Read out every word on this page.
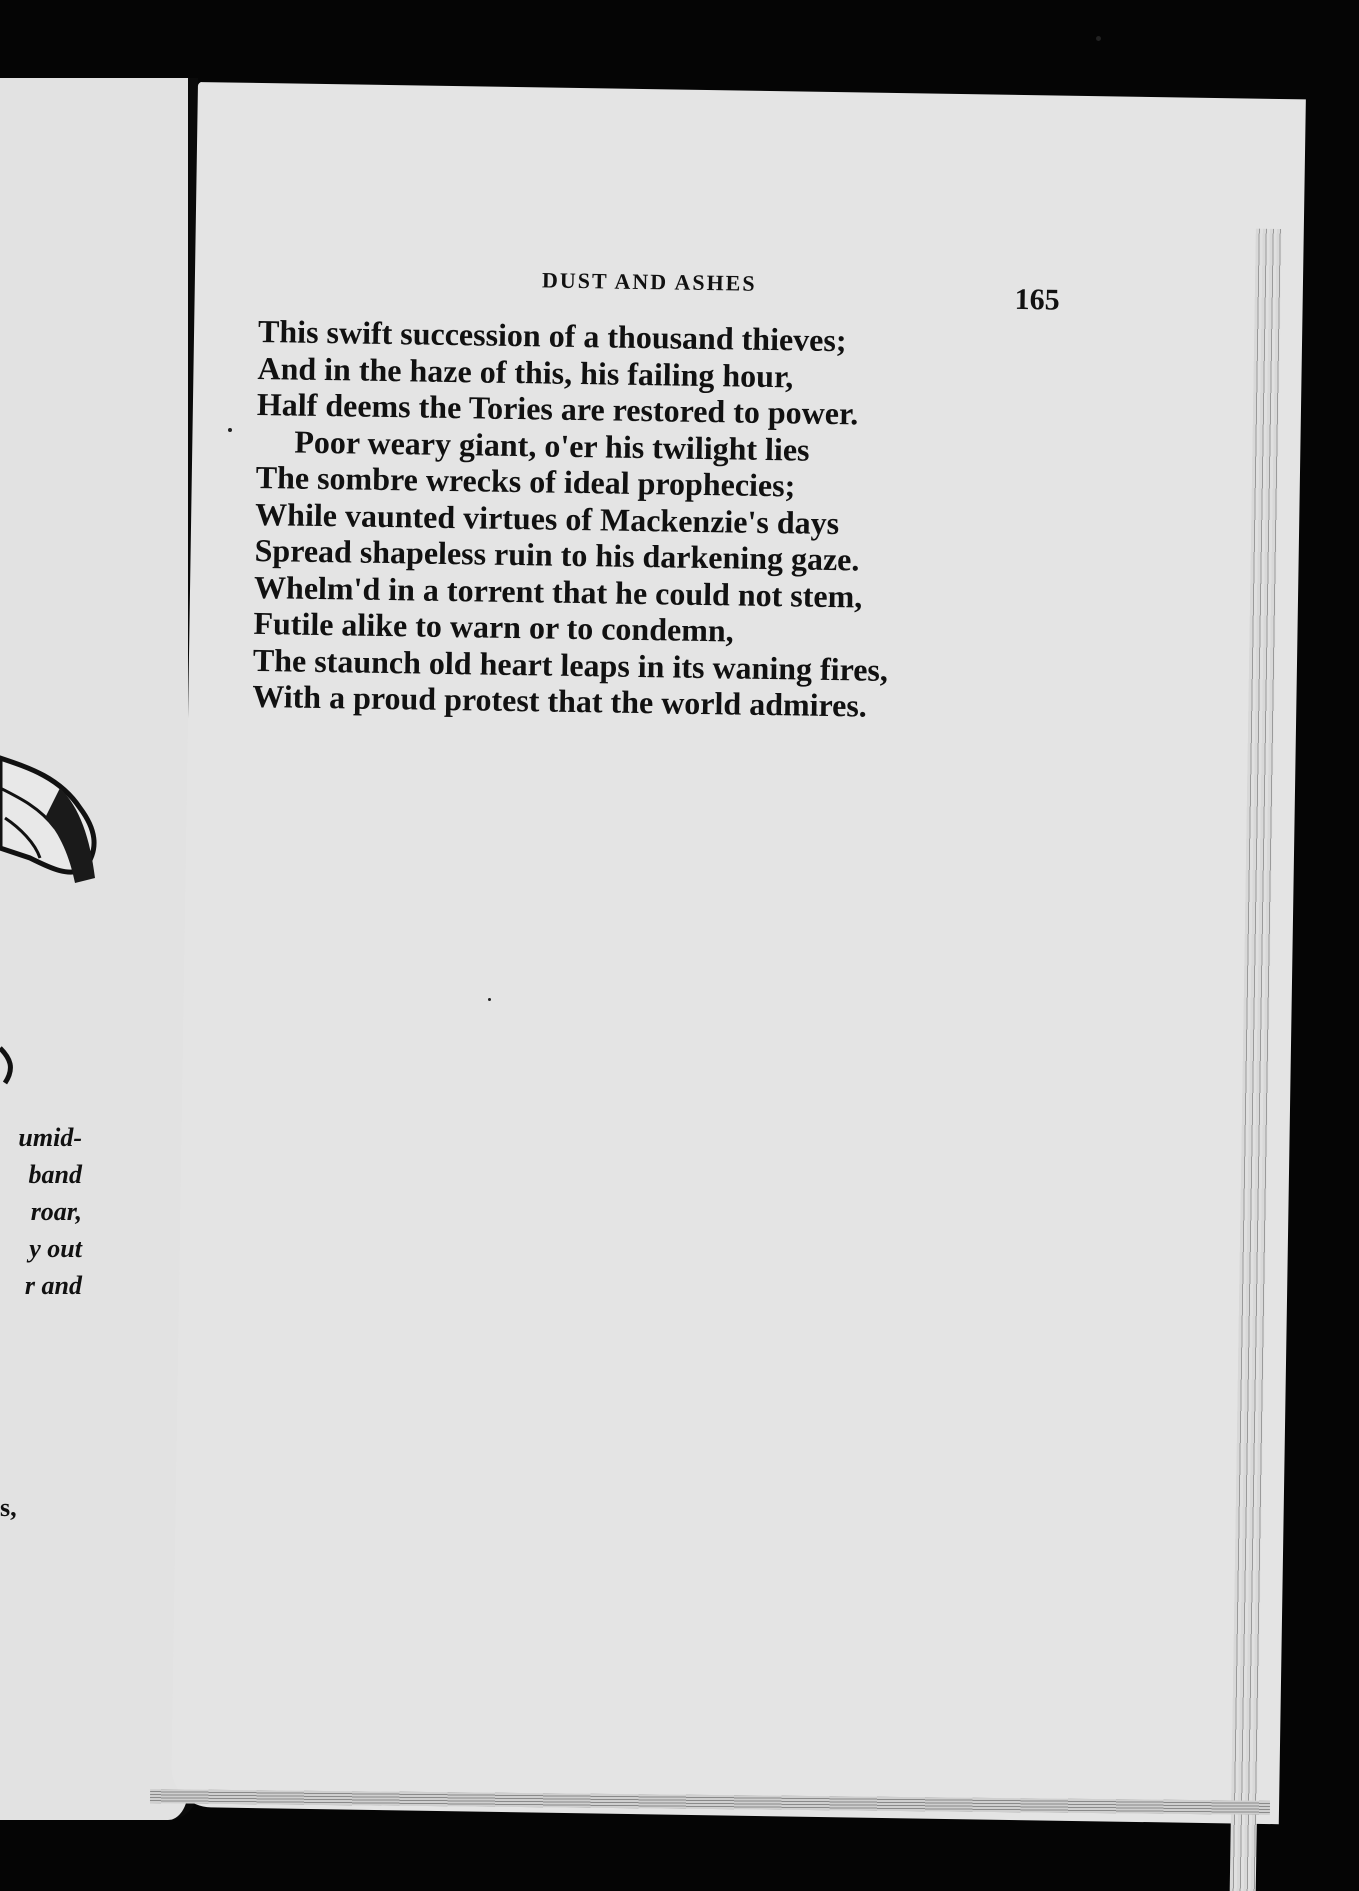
umid-
band
roar,
y out
r and
s,
DUST AND ASHES
165
This swift succession of a thousand thieves;
And in the haze of this, his failing hour,
Half deems the Tories are restored to power.
Poor weary giant, o'er his twilight lies
The sombre wrecks of ideal prophecies;
While vaunted virtues of Mackenzie's days
Spread shapeless ruin to his darkening gaze.
Whelm'd in a torrent that he could not stem,
Futile alike to warn or to condemn,
The staunch old heart leaps in its waning fires,
With a proud protest that the world admires.
